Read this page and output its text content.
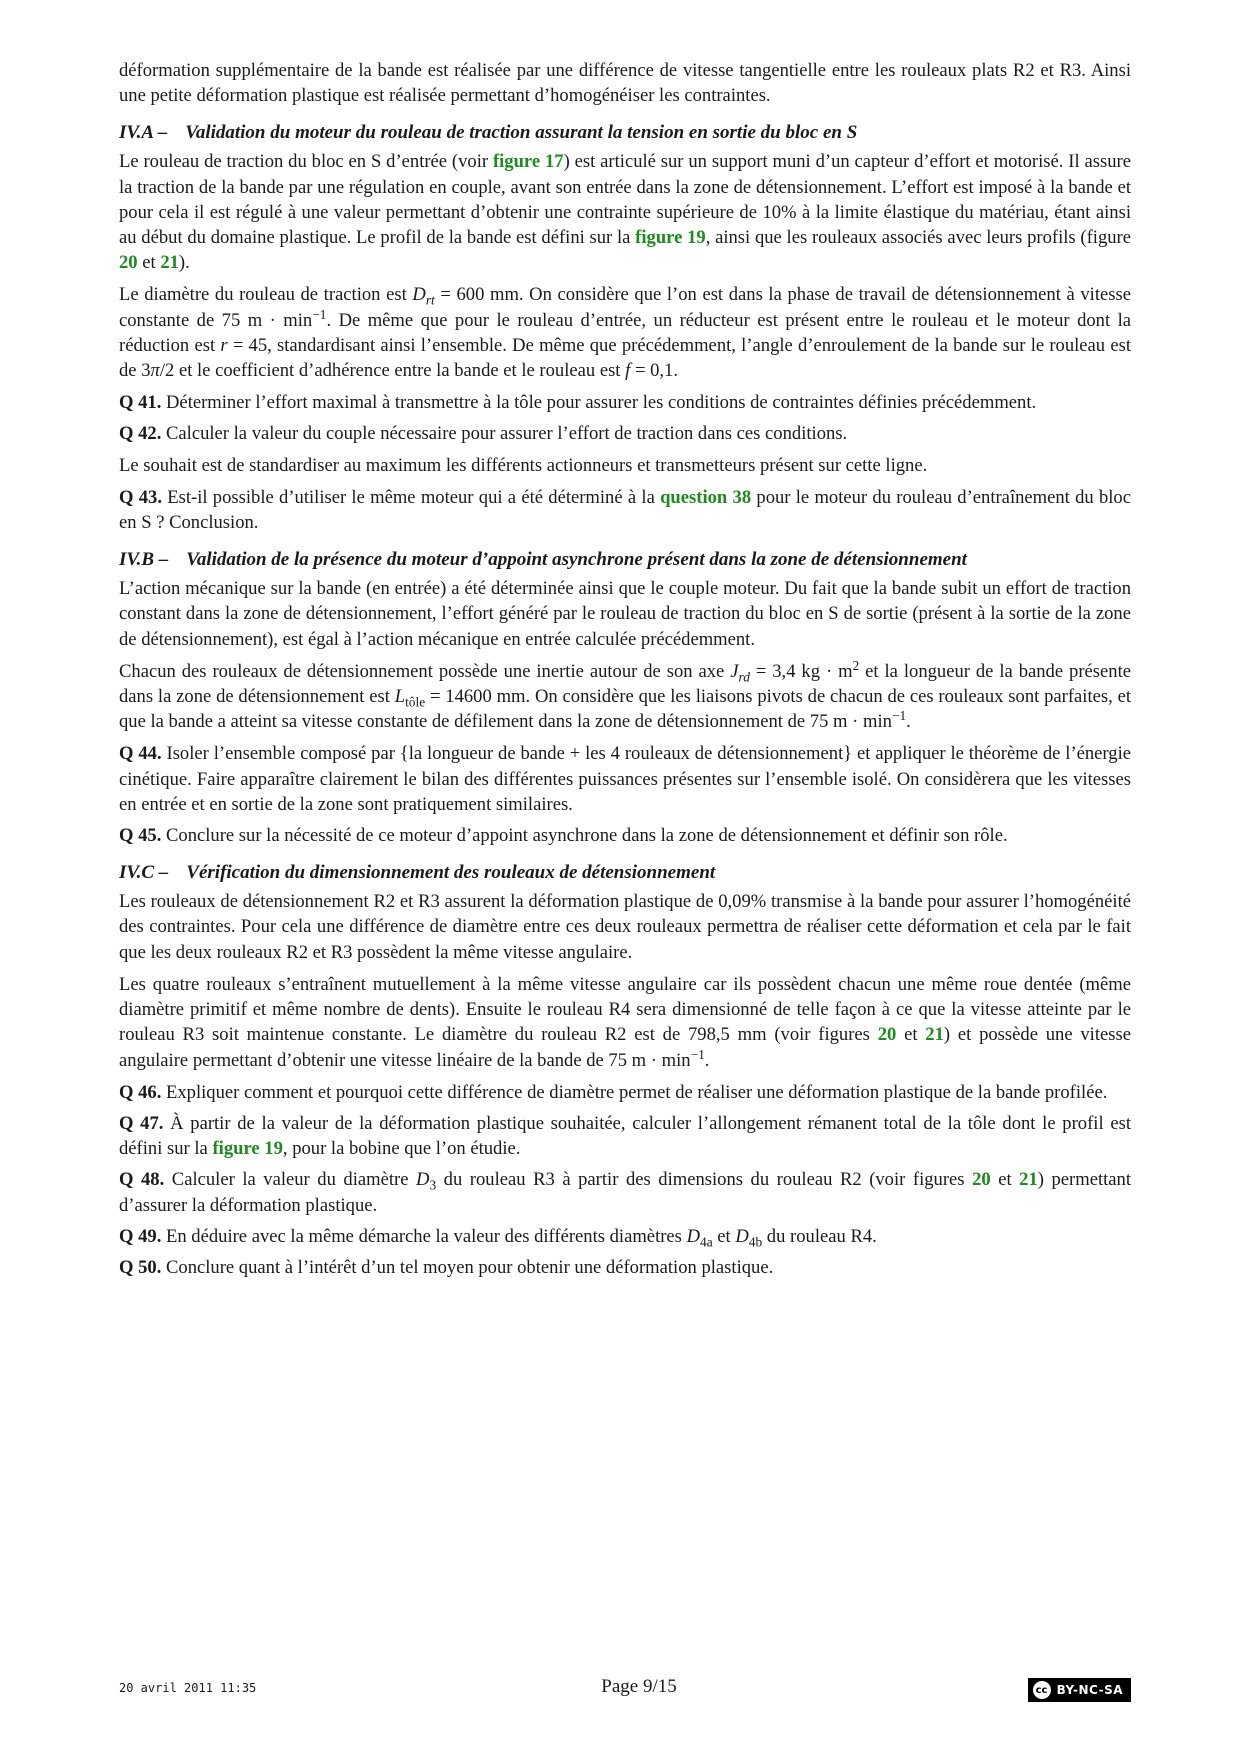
déformation supplémentaire de la bande est réalisée par une différence de vitesse tangentielle entre les rouleaux plats R2 et R3. Ainsi une petite déformation plastique est réalisée permettant d’homogénéiser les contraintes.

IV.A – Validation du moteur du rouleau de traction assurant la tension en sortie du bloc en S

Le rouleau de traction du bloc en S d’entrée (voir figure 17) est articulé sur un support muni d’un capteur d’effort et motorisé. Il assure la traction de la bande par une régulation en couple, avant son entrée dans la zone de détensionnement. L’effort est imposé à la bande et pour cela il est régulé à une valeur permettant d’obtenir une contrainte supérieure de 10% à la limite élastique du matériau, étant ainsi au début du domaine plastique. Le profil de la bande est défini sur la figure 19, ainsi que les rouleaux associés avec leurs profils (figure 20 et 21).

Le diamètre du rouleau de traction est $D_{rt} = 600$ mm. On considère que l’on est dans la phase de travail de détensionnement à vitesse constante de 75 $m \cdot \min^{-1}$. De même que pour le rouleau d’entrée, un réducteur est présent entre le rouleau et le moteur dont la réduction est r = 45, standardisant ainsi l’ensemble. De même que précédemment, l’angle d’enroulement de la bande sur le rouleau est de 3π/2 et le coefficient d’adhérence entre la bande et le rouleau est f = 0,1.

Q 41. Déterminer l’effort maximal à transmettre à la tôle pour assurer les conditions de contraintes définies précédemment.

Q 42. Calculer la valeur du couple nécessaire pour assurer l’effort de traction dans ces conditions.

Le souhait est de standardiser au maximum les différents actionneurs et transmetteurs présent sur cette ligne.

Q 43. Est-il possible d’utiliser le même moteur qui a été déterminé à la question 38 pour le moteur du rouleau d’entraînement du bloc en S ? Conclusion.

IV.B – Validation de la présence du moteur d’appoint asynchrone présent dans la zone de détensionnement

L’action mécanique sur la bande (en entrée) a été déterminée ainsi que le couple moteur. Du fait que la bande subit un effort de traction constant dans la zone de détensionnement, l’effort généré par le rouleau de traction du bloc en S de sortie (présent à la sortie de la zone de détensionnement), est égal à l’action mécanique en entrée calculée précédemment.

Chacun des rouleaux de détensionnement possède une inertie autour de son axe $J_{rd} = 3,4$ kg · $m^2$ et la longueur de la bande présente dans la zone de détensionnement est $L_{tôle} = 14600$ mm. On considère que les liaisons pivots de chacun de ces rouleaux sont parfaites, et que la bande a atteint sa vitesse constante de défilement dans la zone de détensionnement de 75 $m \cdot \min^{-1}$.

Q 44. Isoler l’ensemble composé par {la longueur de bande + les 4 rouleaux de détensionnement} et appliquer le théorème de l’énergie cinétique. Faire apparaître clairement le bilan des différentes puissances présentes sur l’ensemble isolé. On considèrera que les vitesses en entrée et en sortie de la zone sont pratiquement similaires.

Q 45. Conclure sur la nécessité de ce moteur d’appoint asynchrone dans la zone de détensionnement et définir son rôle.

IV.C – Vérification du dimensionnement des rouleaux de détensionnement

Les rouleaux de détensionnement R2 et R3 assurent la déformation plastique de 0,09% transmise à la bande pour assurer l’homogénéité des contraintes. Pour cela une différence de diamètre entre ces deux rouleaux permettra de réaliser cette déformation et cela par le fait que les deux rouleaux R2 et R3 possèdent la même vitesse angulaire.

Les quatre rouleaux s’entraînent mutuellement à la même vitesse angulaire car ils possèdent chacun une même roue dentée (même diamètre primitif et même nombre de dents). Ensuite le rouleau R4 sera dimensionné de telle façon à ce que la vitesse atteinte par le rouleau R3 soit maintenue constante. Le diamètre du rouleau R2 est de 798,5 mm (voir figures 20 et 21) et possède une vitesse angulaire permettant d’obtenir une vitesse linéaire de la bande de 75 $m \cdot \min^{-1}$.

Q 46. Expliquer comment et pourquoi cette différence de diamètre permet de réaliser une déformation plastique de la bande profilée.

Q 47. À partir de la valeur de la déformation plastique souhaitée, calculer l’allongement rémanent total de la tôle dont le profil est défini sur la figure 19, pour la bobine que l’on étudie.

Q 48. Calculer la valeur du diamètre $D_3$ du rouleau R3 à partir des dimensions du rouleau R2 (voir figures 20 et 21) permettant d’assurer la déformation plastique.

Q 49. En déduire avec la même démarche la valeur des différents diamètres $D_{4a}$ et $D_{4b}$ du rouleau R4.

Q 50. Conclure quant à l’intérêt d’un tel moyen pour obtenir une déformation plastique.

20 avril 2011 11:35	Page 9/15	cc BY-NC-SA
